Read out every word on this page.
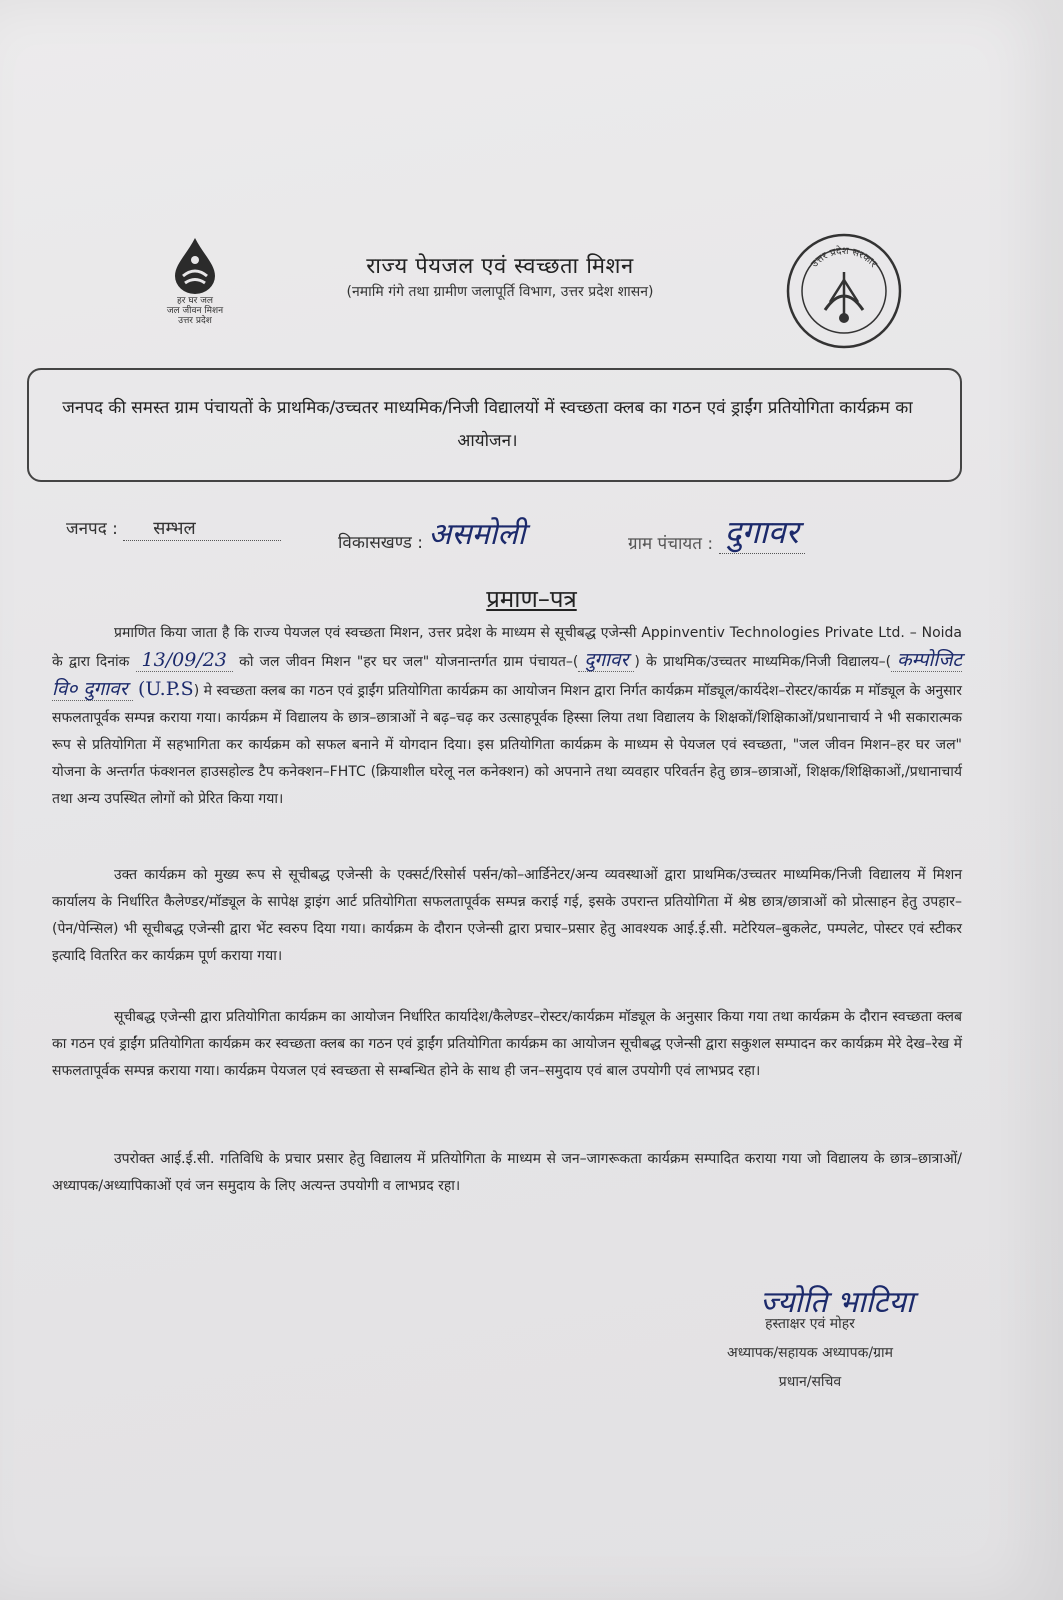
हर घर जल
जल जीवन मिशन
उत्तर प्रदेश
राज्य पेयजल एवं स्वच्छता मिशन
(नमामि गंगे तथा ग्रामीण जलापूर्ति विभाग, उत्तर प्रदेश शासन)
उत्तर प्रदेश सरकार
जनपद की समस्त ग्राम पंचायतों के प्राथमिक/उच्चतर माध्यमिक/निजी विद्यालयों में स्वच्छता क्लब का गठन एवं ड्राईंग प्रतियोगिता कार्यक्रम का आयोजन।
जनपद : सम्भल
विकासखण्ड : असमोली	ग्राम पंचायत : दुगावर
प्रमाण–पत्र
प्रमाणित किया जाता है कि राज्य पेयजल एवं स्वच्छता मिशन, उत्तर प्रदेश के माध्यम से सूचीबद्ध एजेन्सी Appinventiv Technologies Private Ltd. – Noida के द्वारा दिनांक 13/09/23 को जल जीवन मिशन "हर घर जल" योजनान्तर्गत ग्राम पंचायत–( दुगावर ) के प्राथमिक/उच्चतर माध्यमिक/निजी विद्यालय–( कम्पोजिट वि० दुगावर (U.P.S) मे स्वच्छता क्लब का गठन एवं ड्राईंग प्रतियोगिता कार्यक्रम का आयोजन मिशन द्वारा निर्गत कार्यक्रम मॉड्यूल/कार्यदेश–रोस्टर/कार्यक्र म मॉड्यूल के अनुसार सफलतापूर्वक सम्पन्न कराया गया। कार्यक्रम में विद्यालय के छात्र–छात्राओं ने बढ़–चढ़ कर उत्साहपूर्वक हिस्सा लिया तथा विद्यालय के शिक्षकों/शिक्षिकाओं/प्रधानाचार्य ने भी सकारात्मक रूप से प्रतियोगिता में सहभागिता कर कार्यक्रम को सफल बनाने में योगदान दिया। इस प्रतियोगिता कार्यक्रम के माध्यम से पेयजल एवं स्वच्छता, "जल जीवन मिशन–हर घर जल" योजना के अन्तर्गत फंक्शनल हाउसहोल्ड टैप कनेक्शन–FHTC (क्रियाशील घरेलू नल कनेक्शन) को अपनाने तथा व्यवहार परिवर्तन हेतु छात्र–छात्राओं, शिक्षक/शिक्षिकाओं,/प्रधानाचार्य तथा अन्य उपस्थित लोगों को प्रेरित किया गया।
उक्त कार्यक्रम को मुख्य रूप से सूचीबद्ध एजेन्सी के एक्सर्ट/रिसोर्स पर्सन/को–आर्डिनेटर/अन्य व्यवस्थाओं द्वारा प्राथमिक/उच्चतर माध्यमिक/निजी विद्यालय में मिशन कार्यालय के निर्धारित कैलेण्डर/मॉड्यूल के सापेक्ष ड्राइंग आर्ट प्रतियोगिता सफलतापूर्वक सम्पन्न कराई गई, इसके उपरान्त प्रतियोगिता में श्रेष्ठ छात्र/छात्राओं को प्रोत्साहन हेतु उपहार–(पेन/पेन्सिल) भी सूचीबद्ध एजेन्सी द्वारा भेंट स्वरुप दिया गया। कार्यक्रम के दौरान एजेन्सी द्वारा प्रचार–प्रसार हेतु आवश्यक आई.ई.सी. मटेरियल–बुकलेट, पम्पलेट, पोस्टर एवं स्टीकर इत्यादि वितरित कर कार्यक्रम पूर्ण कराया गया।
सूचीबद्ध एजेन्सी द्वारा प्रतियोगिता कार्यक्रम का आयोजन निर्धारित कार्यादेश/कैलेण्डर–रोस्टर/कार्यक्रम मॉड्यूल के अनुसार किया गया तथा कार्यक्रम के दौरान स्वच्छता क्लब का गठन एवं ड्राईंग प्रतियोगिता कार्यक्रम कर स्वच्छता क्लब का गठन एवं ड्राईंग प्रतियोगिता कार्यक्रम का आयोजन सूचीबद्ध एजेन्सी द्वारा सकुशल सम्पादन कर कार्यक्रम मेरे देख–रेख में सफलतापूर्वक सम्पन्न कराया गया। कार्यक्रम पेयजल एवं स्वच्छता से सम्बन्धित होने के साथ ही जन–समुदाय एवं बाल उपयोगी एवं लाभप्रद रहा।
उपरोक्त आई.ई.सी. गतिविधि के प्रचार प्रसार हेतु विद्यालय में प्रतियोगिता के माध्यम से जन–जागरूकता कार्यक्रम सम्पादित कराया गया जो विद्यालय के छात्र–छात्राओं/अध्यापक/अध्यापिकाओं एवं जन समुदाय के लिए अत्यन्त उपयोगी व लाभप्रद रहा।
ज्योति भाटिया
हस्ताक्षर एवं मोहर
अध्यापक/सहायक अध्यापक/ग्राम
प्रधान/सचिव
